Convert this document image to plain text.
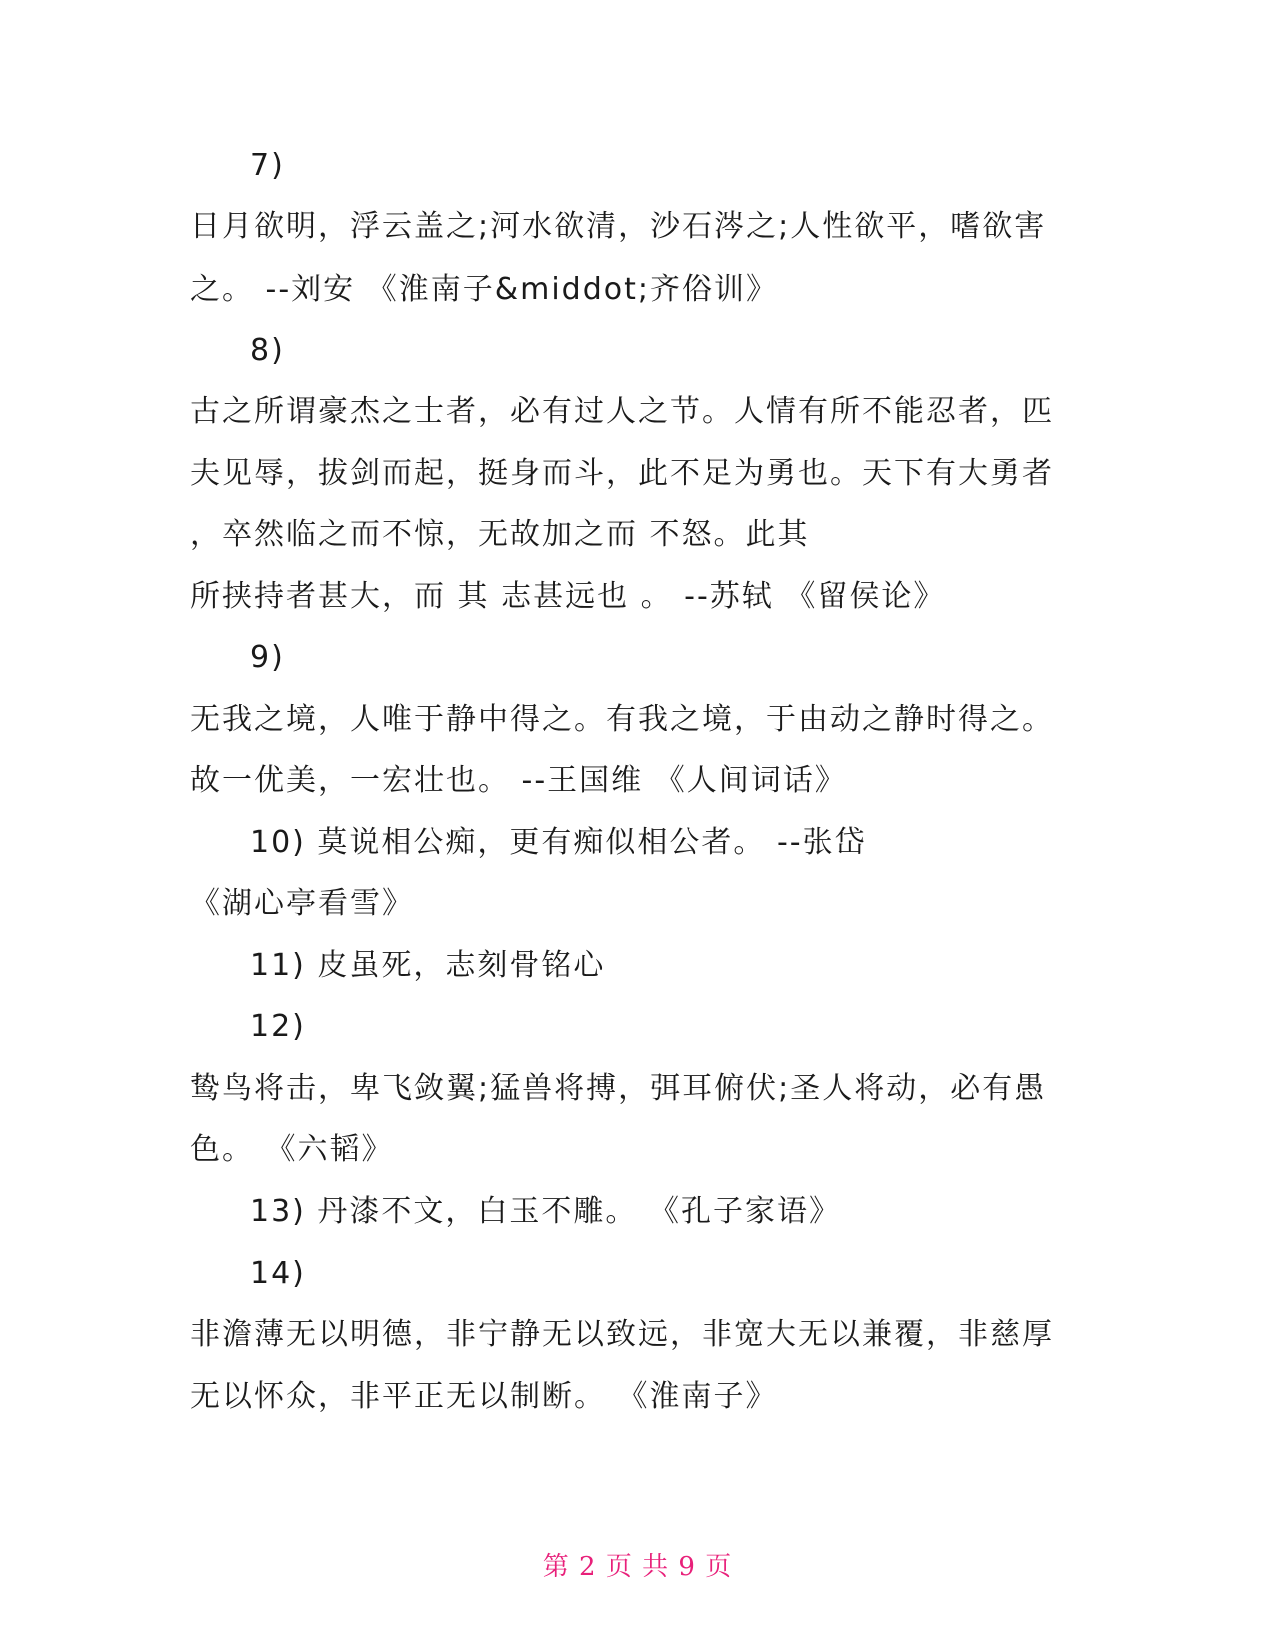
7)
日月欲明，浮云盖之;河水欲清，沙石涔之;人性欲平，嗜欲害
之。 --刘安 《淮南子&middot;齐俗训》
8)
古之所谓豪杰之士者，必有过人之节。人情有所不能忍者，匹
夫见辱，拔剑而起，挺身而斗，此不足为勇也。天下有大勇者
，卒然临之而不惊，无故加之而 不怒。此其
所挟持者甚大，而 其 志甚远也 。 --苏轼 《留侯论》
9)
无我之境，人唯于静中得之。有我之境，于由动之静时得之。
故一优美，一宏壮也。 --王国维 《人间词话》
10) 莫说相公痴，更有痴似相公者。 --张岱
《湖心亭看雪》
11) 皮虽死，志刻骨铭心
12)
鸷鸟将击，卑飞敛翼;猛兽将搏，弭耳俯伏;圣人将动，必有愚
色。 《六韬》
13) 丹漆不文，白玉不雕。 《孔子家语》
14)
非澹薄无以明德，非宁静无以致远，非宽大无以兼覆，非慈厚
无以怀众，非平正无以制断。 《淮南子》
第 2 页 共 9 页
